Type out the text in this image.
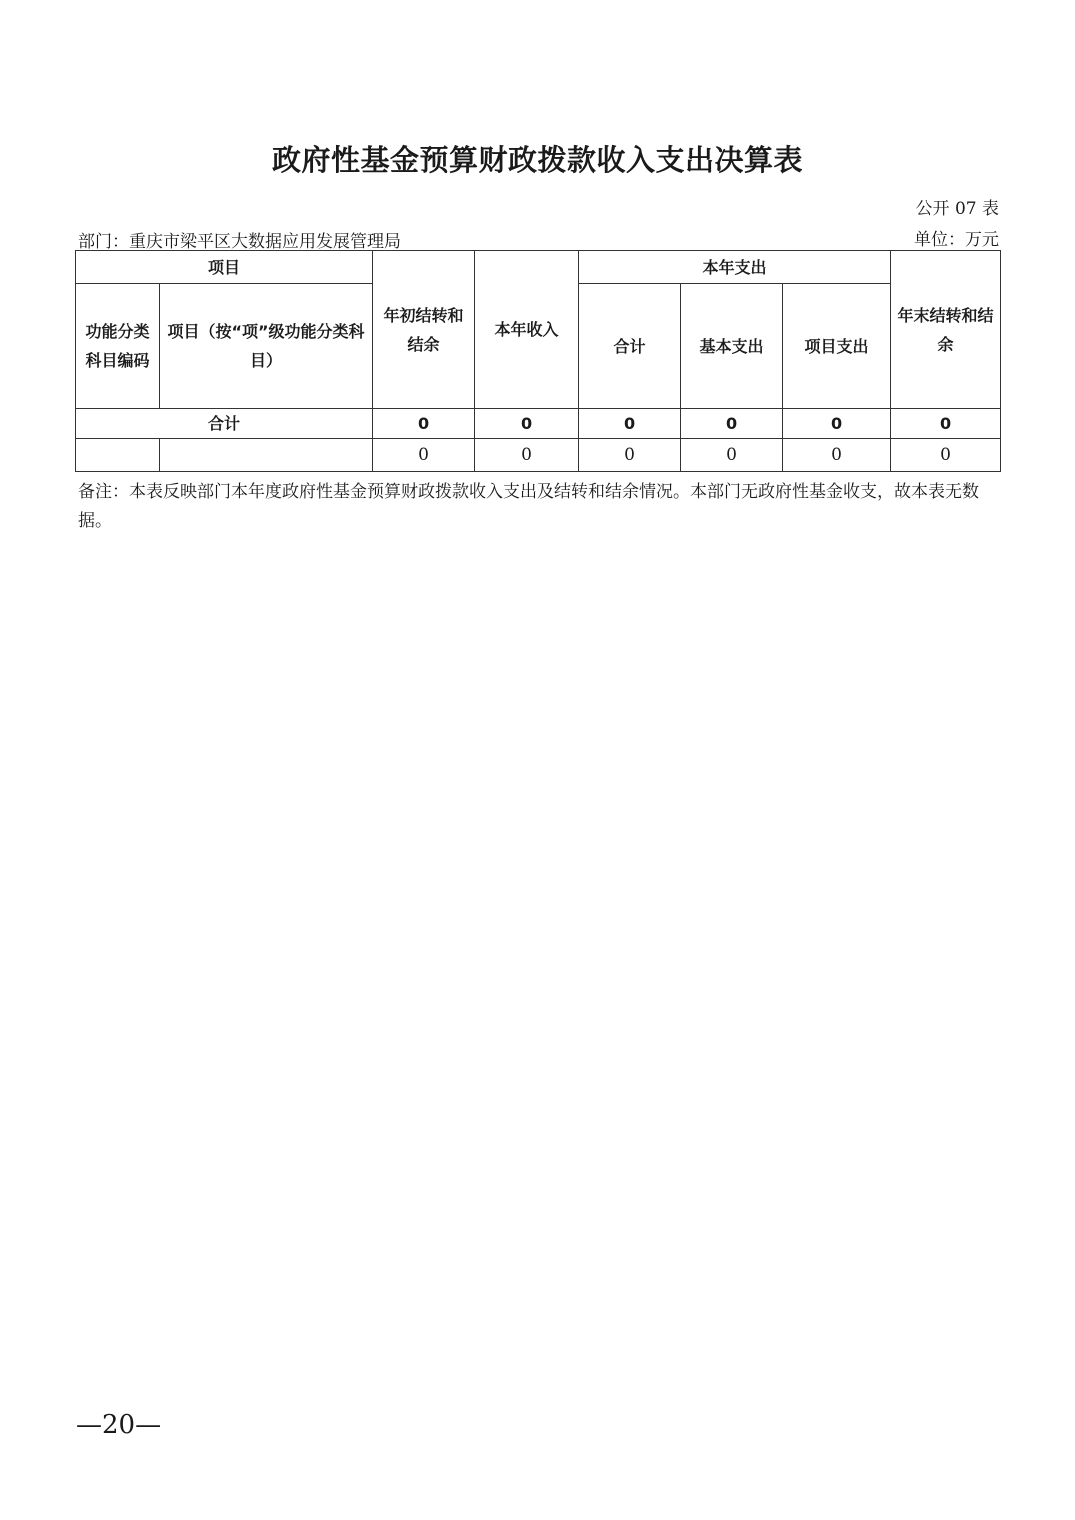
政府性基金预算财政拨款收入支出决算表
公开 07 表
部门：重庆市梁平区大数据应用发展管理局	单位：万元
项目		年初结转和结余	本年收入	本年支出			年末结转和结余
功能分类科目编码	项目（按“项”级功能分类科目）			合计	基本支出	项目支出	
合计		0	0	0	0	0	0
		0	0	0	0	0	0
备注：本表反映部门本年度政府性基金预算财政拨款收入支出及结转和结余情况。本部门无政府性基金收支，故本表无数据。
—20—
